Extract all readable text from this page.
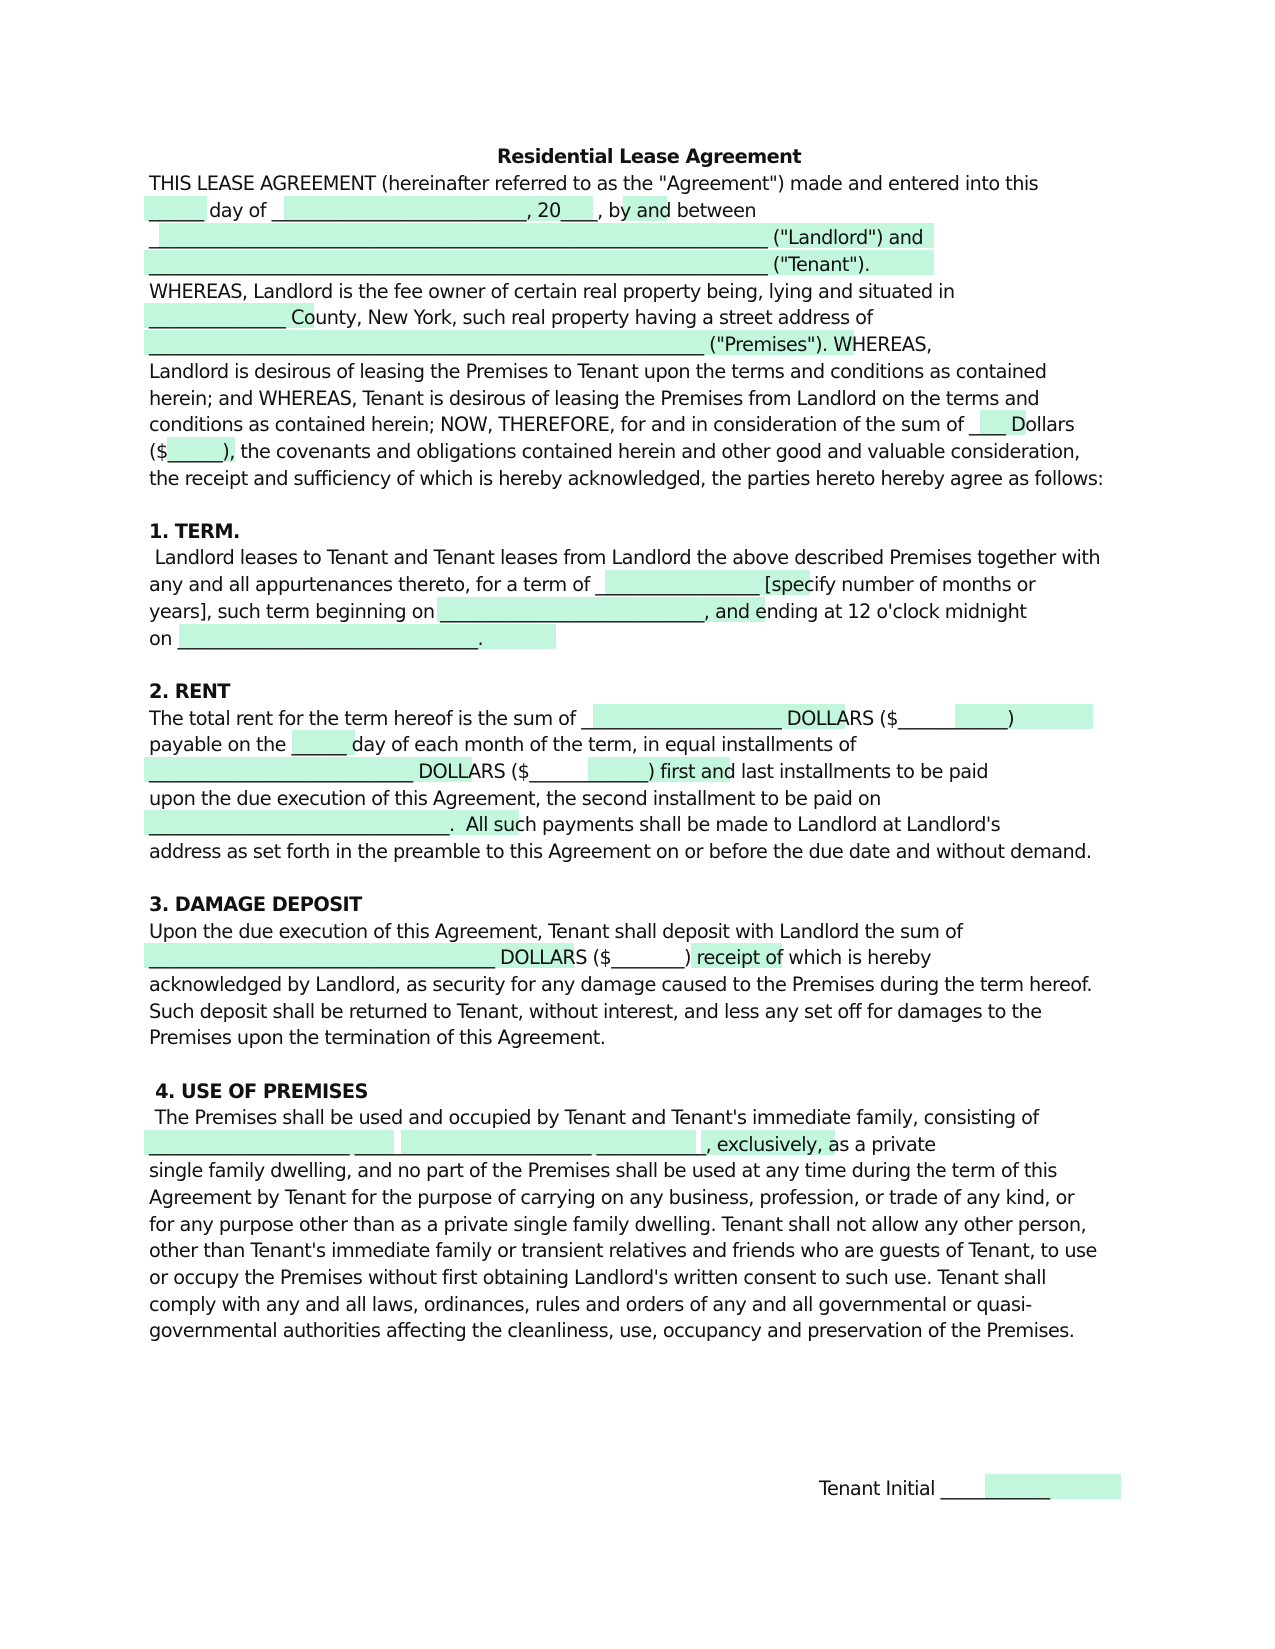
Residential Lease Agreement
THIS LEASE AGREEMENT (hereinafter referred to as the "Agreement") made and entered into this
______ day of ____________________________, 20____, by and between
____________________________________________________________________ ("Landlord") and
____________________________________________________________________ ("Tenant").
WHEREAS, Landlord is the fee owner of certain real property being, lying and situated in
_______________ County, New York, such real property having a street address of
_____________________________________________________________ ("Premises"). WHEREAS,
Landlord is desirous of leasing the Premises to Tenant upon the terms and conditions as contained
herein; and WHEREAS, Tenant is desirous of leasing the Premises from Landlord on the terms and
conditions as contained herein; NOW, THEREFORE, for and in consideration of the sum of ____ Dollars
($______), the covenants and obligations contained herein and other good and valuable consideration,
the receipt and sufficiency of which is hereby acknowledged, the parties hereto hereby agree as follows:
1. TERM.
Landlord leases to Tenant and Tenant leases from Landlord the above described Premises together with
any and all appurtenances thereto, for a term of __________________ [specify number of months or
years], such term beginning on _____________________________, and ending at 12 o'clock midnight
on _________________________________.
2. RENT
The total rent for the term hereof is the sum of ______________________ DOLLARS ($____________)
payable on the ______ day of each month of the term, in equal installments of
_____________________________ DOLLARS ($_____________) first and last installments to be paid
upon the due execution of this Agreement, the second installment to be paid on
_________________________________.  All such payments shall be made to Landlord at Landlord's
address as set forth in the preamble to this Agreement on or before the due date and without demand.
3. DAMAGE DEPOSIT
Upon the due execution of this Agreement, Tenant shall deposit with Landlord the sum of
______________________________________ DOLLARS ($________) receipt of which is hereby
acknowledged by Landlord, as security for any damage caused to the Premises during the term hereof.
Such deposit shall be returned to Tenant, without interest, and less any set off for damages to the
Premises upon the termination of this Agreement.
4. USE OF PREMISES
The Premises shall be used and occupied by Tenant and Tenant's immediate family, consisting of
______________________ __________________________ ____________, exclusively, as a private
single family dwelling, and no part of the Premises shall be used at any time during the term of this
Agreement by Tenant for the purpose of carrying on any business, profession, or trade of any kind, or
for any purpose other than as a private single family dwelling. Tenant shall not allow any other person,
other than Tenant's immediate family or transient relatives and friends who are guests of Tenant, to use
or occupy the Premises without first obtaining Landlord's written consent to such use. Tenant shall
comply with any and all laws, ordinances, rules and orders of any and all governmental or quasi-
governmental authorities affecting the cleanliness, use, occupancy and preservation of the Premises.
Tenant Initial ____________
